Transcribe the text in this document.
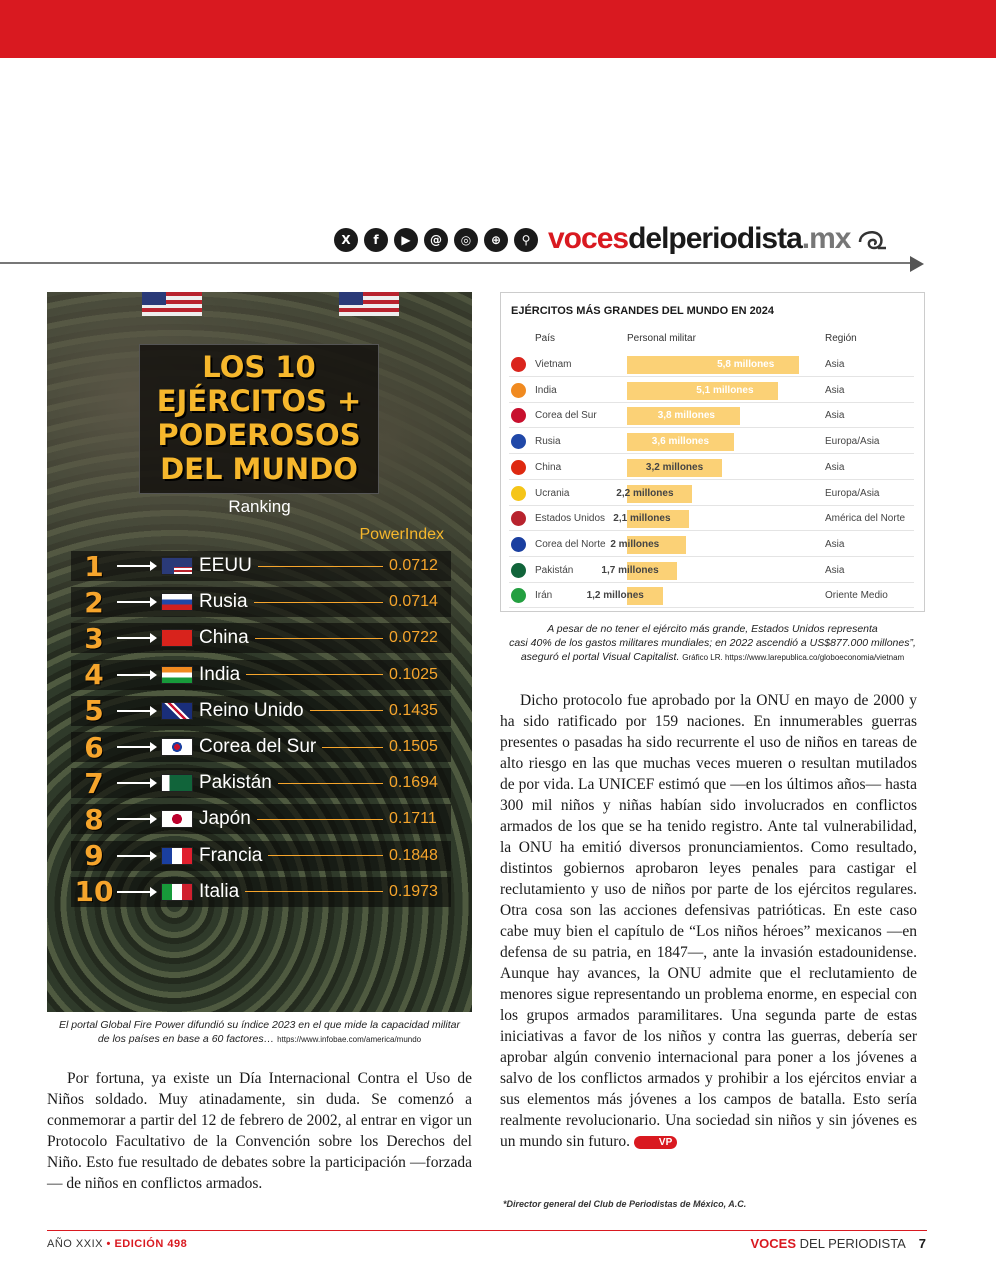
X	f	▶	@	◎	⊕	⚲ vocesdelperiodista.mx
LOS 10 EJÉRCITOS + PODEROSOS DEL MUNDO
Ranking
PowerIndex
1	EEUU	0.0712
2	Rusia	0.0714
3	China	0.0722
4	India	0.1025
5	Reino Unido	0.1435
6	Corea del Sur	0.1505
7	Pakistán	0.1694
8	Japón	0.1711
9	Francia	0.1848
10	Italia	0.1973
El portal Global Fire Power difundió su índice 2023 en el que mide la capacidad militar
de los países en base a 60 factores… https://www.infobae.com/america/mundo
EJÉRCITOS MÁS GRANDES DEL MUNDO EN 2024
País	Personal militar	Región
Vietnam	5,8 millones	Asia
India	5,1 millones	Asia
Corea del Sur	3,8 millones	Asia
Rusia	3,6 millones	Europa/Asia
China	3,2 millones	Asia
Ucrania	2,2 millones	Europa/Asia
Estados Unidos 2,1 millones	América del Norte
Corea del Norte 2 millones	Asia
Pakistán	1,7 millones	Asia
Irán	1,2 millones	Oriente Medio
A pesar de no tener el ejército más grande, Estados Unidos representa
casi 40% de los gastos militares mundiales; en 2022 ascendió a US$877.000 millones”,
aseguró el portal Visual Capitalist. Gráfico LR. https://www.larepublica.co/globoeconomia/vietnam

Por fortuna, ya existe un Día Internacional Contra el Uso de Niños soldado. Muy atinadamente, sin duda. Se comenzó a conmemorar a partir del 12 de febrero de 2002, al entrar en vigor un Protocolo Facultativo de la Convención sobre los Derechos del Niño. Esto fue resultado de debates sobre la participación —forzada— de niños en conflictos armados.

Dicho protocolo fue aprobado por la ONU en mayo de 2000 y ha sido ratificado por 159 naciones. En innumerables guerras presentes o pasadas ha sido recurrente el uso de niños en tareas de alto riesgo en las que muchas veces mueren o resultan mutilados de por vida. La UNICEF estimó que —en los últimos años— hasta 300 mil niños y niñas habían sido involucrados en conflictos armados de los que se ha tenido registro. Ante tal vulnerabilidad, la ONU ha emitió diversos pronunciamientos. Como resultado, distintos gobiernos aprobaron leyes penales para castigar el reclutamiento y uso de niños por parte de los ejércitos regulares. Otra cosa son las acciones defensivas patrióticas. En este caso cabe muy bien el capítulo de “Los niños héroes” mexicanos —en defensa de su patria, en 1847—, ante la invasión estadounidense. Aunque hay avances, la ONU admite que el reclutamiento de menores sigue representando un problema enorme, en especial con los grupos armados paramilitares. Una segunda parte de estas iniciativas a favor de los niños y contra las guerras, debería ser aprobar algún convenio internacional para poner a los jóvenes a salvo de los conflictos armados y prohibir a los ejércitos enviar a sus elementos más jóvenes a los campos de batalla. Esto sería realmente revolucionario. Una sociedad sin niños y sin jóvenes es un mundo sin futuro.	VP

*Director general del Club de Periodistas de México, A.C.
AÑO XXIX • EDICIÓN 498	VOCES DEL PERIODISTA 7
